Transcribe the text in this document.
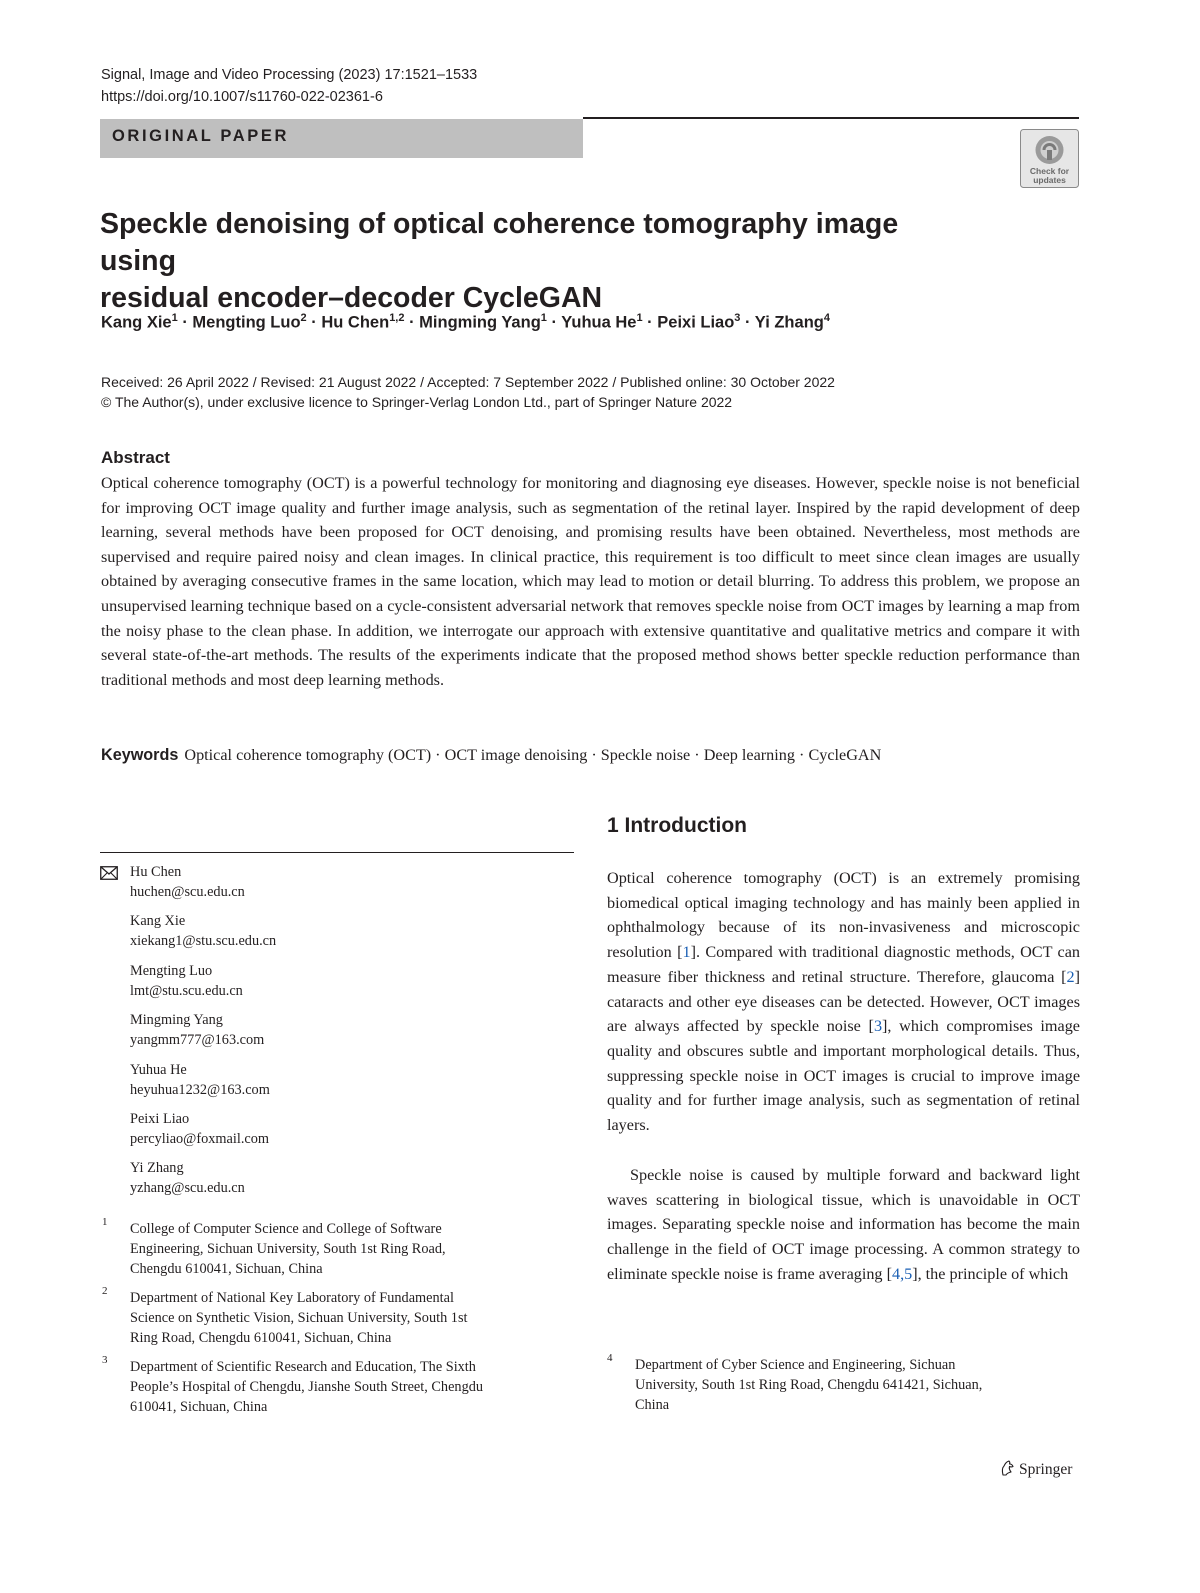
Signal, Image and Video Processing (2023) 17:1521–1533
https://doi.org/10.1007/s11760-022-02361-6
ORIGINAL PAPER
Check for
updates
Speckle denoising of optical coherence tomography image using
residual encoder–decoder CycleGAN
Kang Xie$^1$ · Mengting Luo$^2$ · Hu Chen$^{1,2}$ · Mingming Yang$^1$ · Yuhua $He^1$ · Peixi Liao$^3$ · Yi Zhang$^4$
Received: 26 April 2022 / Revised: 21 August 2022 / Accepted: 7 September 2022 / Published online: 30 October 2022
© The Author(s), under exclusive licence to Springer-Verlag London Ltd., part of Springer Nature 2022
Abstract
Optical coherence tomography (OCT) is a powerful technology for monitoring and diagnosing eye diseases. However, speckle noise is not beneficial for improving OCT image quality and further image analysis, such as segmentation of the retinal layer. Inspired by the rapid development of deep learning, several methods have been proposed for OCT denoising, and promising results have been obtained. Nevertheless, most methods are supervised and require paired noisy and clean images. In clinical practice, this requirement is too difficult to meet since clean images are usually obtained by averaging consecutive frames in the same location, which may lead to motion or detail blurring. To address this problem, we propose an unsupervised learning technique based on a cycle-consistent adversarial network that removes speckle noise from OCT images by learning a map from the noisy phase to the clean phase. In addition, we interrogate our approach with extensive quantitative and qualitative metrics and compare it with several state-of-the-art methods. The results of the experiments indicate that the proposed method shows better speckle reduction performance than traditional methods and most deep learning methods.
Keywords Optical coherence tomography (OCT) · OCT image denoising · Speckle noise · Deep learning · CycleGAN
Hu Chen
huchen@scu.edu.cn
Kang Xie
xiekang1@stu.scu.edu.cn
Mengting Luo
lmt@stu.scu.edu.cn
Mingming Yang
yangmm777@163.com
Yuhua He
heyuhua1232@163.com
Peixi Liao
percyliao@foxmail.com
Yi Zhang
yzhang@scu.edu.cn
1 College of Computer Science and College of Software
Engineering, Sichuan University, South 1st Ring Road,
Chengdu 610041, Sichuan, China
2 Department of National Key Laboratory of Fundamental
Science on Synthetic Vision, Sichuan University, South 1st
Ring Road, Chengdu 610041, Sichuan, China
3 Department of Scientific Research and Education, The Sixth
People’s Hospital of Chengdu, Jianshe South Street, Chengdu
610041, Sichuan, China
4 Department of Cyber Science and Engineering, Sichuan
University, South 1st Ring Road, Chengdu 641421, Sichuan,
China
1 Introduction
Optical coherence tomography (OCT) is an extremely promising biomedical optical imaging technology and has mainly been applied in ophthalmology because of its non-invasiveness and microscopic resolution [1]. Compared with traditional diagnostic methods, OCT can measure fiber thickness and retinal structure. Therefore, glaucoma [2] cataracts and other eye diseases can be detected. However, OCT images are always affected by speckle noise [3], which compromises image quality and obscures subtle and important morphological details. Thus, suppressing speckle noise in OCT images is crucial to improve image quality and for further image analysis, such as segmentation of retinal layers.
Speckle noise is caused by multiple forward and backward light waves scattering in biological tissue, which is unavoidable in OCT images. Separating speckle noise and information has become the main challenge in the field of OCT image processing. A common strategy to eliminate speckle noise is frame averaging [4,5], the principle of which
Springer
